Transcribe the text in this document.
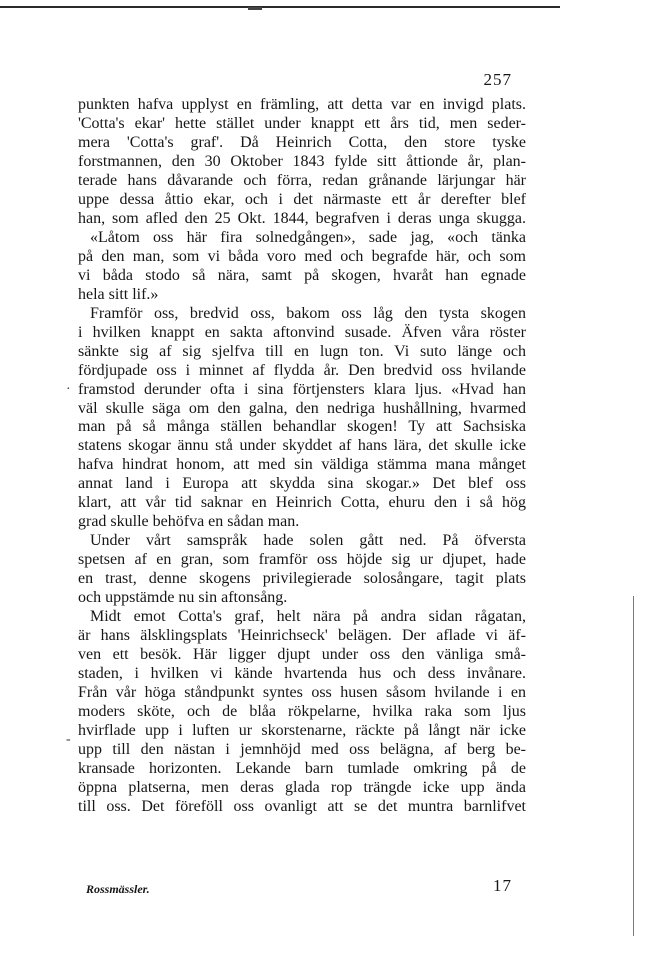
257
punkten hafva upplyst en främling, att detta var en invigd plats.
'Cotta's ekar' hette stället under knappt ett års tid, men seder-
mera 'Cotta's graf'. Då Heinrich Cotta, den store tyske
forstmannen, den 30 Oktober 1843 fylde sitt åttionde år, plan-
terade hans dåvarande och förra, redan grånande lärjungar här
uppe dessa åttio ekar, och i det närmaste ett år derefter blef
han, som afled den 25 Okt. 1844, begrafven i deras unga skugga.
«Låtom oss här fira solnedgången», sade jag, «och tänka
på den man, som vi båda voro med och begrafde här, och som
vi båda stodo så nära, samt på skogen, hvaråt han egnade
hela sitt lif.»
Framför oss, bredvid oss, bakom oss låg den tysta skogen
i hvilken knappt en sakta aftonvind susade. Äfven våra röster
sänkte sig af sig sjelfva till en lugn ton. Vi suto länge och
fördjupade oss i minnet af flydda år. Den bredvid oss hvilande
framstod derunder ofta i sina förtjensters klara ljus. «Hvad han
väl skulle säga om den galna, den nedriga hushållning, hvarmed
man på så många ställen behandlar skogen! Ty att Sachsiska
statens skogar ännu stå under skyddet af hans lära, det skulle icke
hafva hindrat honom, att med sin väldiga stämma mana månget
annat land i Europa att skydda sina skogar.» Det blef oss
klart, att vår tid saknar en Heinrich Cotta, ehuru den i så hög
grad skulle behöfva en sådan man.
Under vårt samspråk hade solen gått ned. På öfversta
spetsen af en gran, som framför oss höjde sig ur djupet, hade
en trast, denne skogens privilegierade solosångare, tagit plats
och uppstämde nu sin aftonsång.
Midt emot Cotta's graf, helt nära på andra sidan rågatan,
är hans älsklingsplats 'Heinrichseck' belägen. Der aflade vi äf-
ven ett besök. Här ligger djupt under oss den vänliga små-
staden, i hvilken vi kände hvartenda hus och dess invånare.
Från vår höga ståndpunkt syntes oss husen såsom hvilande i en
moders sköte, och de blåa rökpelarne, hvilka raka som ljus
hvirflade upp i luften ur skorstenarne, räckte på långt när icke
upp till den nästan i jemnhöjd med oss belägna, af berg be-
kransade horizonten. Lekande barn tumlade omkring på de
öppna platserna, men deras glada rop trängde icke upp ända
till oss. Det föreföll oss ovanligt att se det muntra barnlifvet
·
-
Rossmässler.	17
